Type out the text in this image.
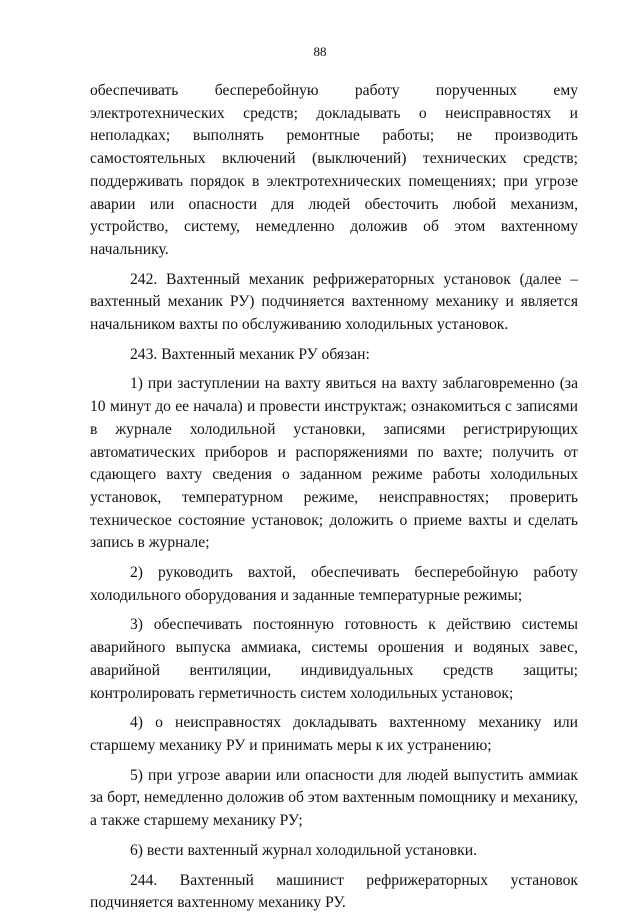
88

обеспечивать бесперебойную работу порученных ему электротехнических средств; докладывать о неисправностях и неполадках; выполнять ремонтные работы; не производить самостоятельных включений (выключений) технических средств; поддерживать порядок в электротехнических помещениях; при угрозе аварии или опасности для людей обесточить любой механизм, устройство, систему, немедленно доложив об этом вахтенному начальнику.

242. Вахтенный механик рефрижераторных установок (далее – вахтенный механик РУ) подчиняется вахтенному механику и является начальником вахты по обслуживанию холодильных установок.

243. Вахтенный механик РУ обязан:

1) при заступлении на вахту явиться на вахту заблаговременно (за 10 минут до ее начала) и провести инструктаж; ознакомиться с записями в журнале холодильной установки, записями регистрирующих автоматических приборов и распоряжениями по вахте; получить от сдающего вахту сведения о заданном режиме работы холодильных установок, температурном режиме, неисправностях; проверить техническое состояние установок; доложить о приеме вахты и сделать запись в журнале;

2) руководить вахтой, обеспечивать бесперебойную работу холодильного оборудования и заданные температурные режимы;

3) обеспечивать постоянную готовность к действию системы аварийного выпуска аммиака, системы орошения и водяных завес, аварийной вентиляции, индивидуальных средств защиты; контролировать герметичность систем холодильных установок;

4) о неисправностях докладывать вахтенному механику или старшему механику РУ и принимать меры к их устранению;

5) при угрозе аварии или опасности для людей выпустить аммиак за борт, немедленно доложив об этом вахтенным помощнику и механику, а также старшему механику РУ;

6) вести вахтенный журнал холодильной установки.

244. Вахтенный машинист рефрижераторных установок подчиняется вахтенному механику РУ.
